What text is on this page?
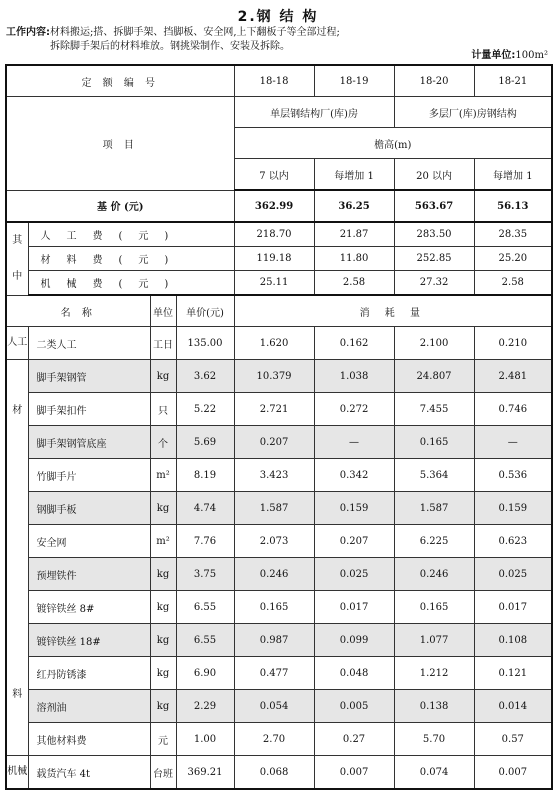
2.钢 结 构
工作内容:材料搬运;搭、拆脚手架、挡脚板、安全网,上下翻板子等全部过程;
拆除脚手架后的材料堆放。钢挑梁制作、安装及拆除。
计量单位:100m²
定 额 编 号				18-18	18-19	18-20	18-21
项 目				单层钢结构厂(库)房		多层厂(库)房钢结构	
				檐高(m)			
				7 以内	每增加 1	20 以内	每增加 1
基 价 (元)				362.99	36.25	563.67	56.13

其
中	人工费(元)			218.70	21.87	283.50	28.35
	材料费(元)			119.18	11.80	252.85	25.20
	机械费(元)			25.11	2.58	27.32	2.58
名 称		单位	单价(元)	消 耗 量			
人工	二类人工	工日	135.00	1.620	0.162	2.100	0.210

材
料	脚手架钢管	kg	3.62	10.379	1.038	24.807	2.481
	脚手架扣件	只	5.22	2.721	0.272	7.455	0.746
	脚手架钢管底座	个	5.69	0.207	—	0.165	—
	竹脚手片	m²	8.19	3.423	0.342	5.364	0.536
	钢脚手板	kg	4.74	1.587	0.159	1.587	0.159
	安全网	m²	7.76	2.073	0.207	6.225	0.623
	预埋铁件	kg	3.75	0.246	0.025	0.246	0.025
	镀锌铁丝 8#	kg	6.55	0.165	0.017	0.165	0.017
	镀锌铁丝 18#	kg	6.55	0.987	0.099	1.077	0.108
	红丹防锈漆	kg	6.90	0.477	0.048	1.212	0.121
	溶剂油	kg	2.29	0.054	0.005	0.138	0.014
	其他材料费	元	1.00	2.70	0.27	5.70	0.57
机械	载货汽车 4t	台班	369.21	0.068	0.007	0.074	0.007
